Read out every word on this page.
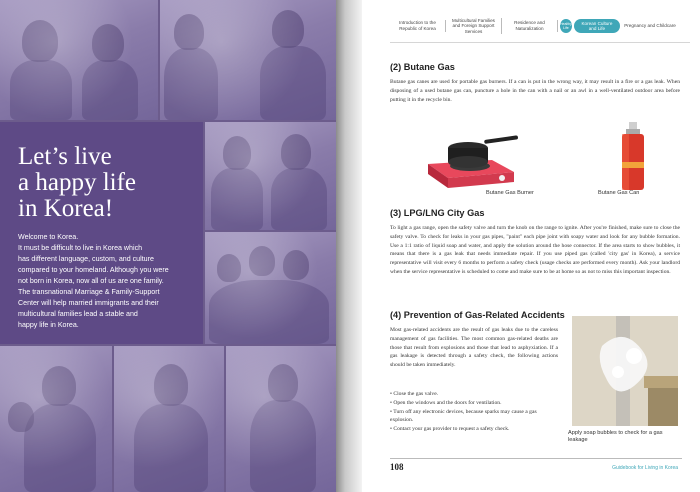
Let’s live
a happy life
in Korea!
Welcome to Korea.
It must be difficult to live in Korea which
has different language, custom, and culture
compared to your homeland. Although you were
not born in Korea, now all of us are one family.
The transnational Marriage & Family-Support
Center will help married immigrants and their
multicultural families lead a stable and
happy life in Korea.
Introduction to the Republic of Korea
Multicultural Families and Foreign Support Services
Residence and Naturalization
Healthy Life
Korean Culture and Life
Pregnancy and Childcare
(2) Butane Gas
Butane gas canes are used for portable gas burners. If a can is put in the wrong way, it may result in a fire or a gas leak. When disposing of a used butane gas can, puncture a hole in the can with a nail or an awl in a well-ventilated outdoor area before putting it in the recycle bin.
Butane Gas Burner	Butane Gas Can
(3) LPG/LNG City Gas
To light a gas range, open the safety valve and turn the knob on the range to ignite. After you're finished, make sure to close the safety valve. To check for leaks in your gas pipes, "paint" each pipe joint with soapy water and look for any bubble formation. Use a 1:1 ratio of liquid soap and water, and apply the solution around the hose connector. If the area starts to show bubbles, it means that there is a gas leak that needs immediate repair. If you use piped gas (called 'city gas' in Korea), a service representative will visit every 6 months to perform a safety check (usage checks are performed every month). Ask your landlord when the service representative is scheduled to come and make sure to be at home so as not to miss this important inspection.
(4) Prevention of Gas-Related Accidents
Most gas-related accidents are the result of gas leaks due to the careless management of gas facilities. The most common gas-related deaths are those that result from explosions and those that lead to asphyxiation. If a gas leakage is detected through a safety check, the following actions should be taken immediately.
• Close the gas valve.
• Open the windows and the doors for ventilation.
• Turn off any electronic devices, because sparks may cause a gas explosion.
• Contact your gas provider to request a safety check.
Apply soap bubbles to check for a gas leakage
108	Guidebook for Living in Korea
